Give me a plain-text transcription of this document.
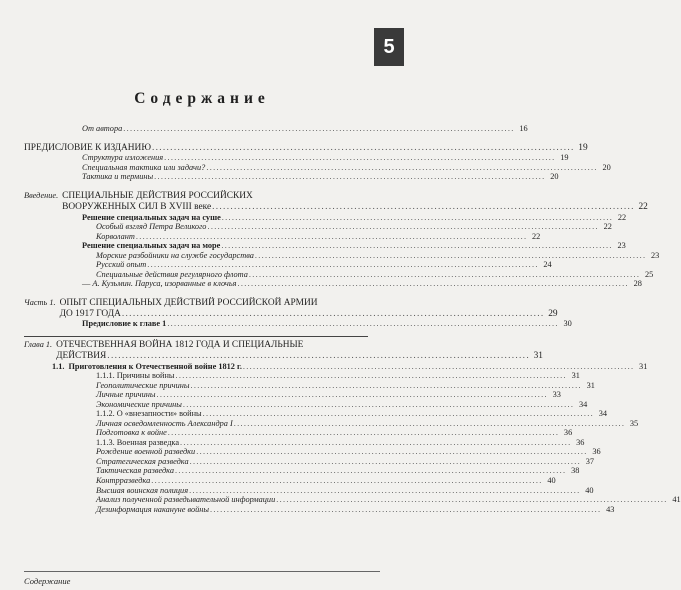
5
Содержание
От автора .................................................................................................................... 16
ПРЕДИСЛОВИЕ К ИЗДАНИЮ .................................................................................................................... 19
Структура изложения .................................................................................................................... 19
Специальная тактика или задачи? .................................................................................................................... 20
Тактика и термины .................................................................................................................... 20
Введение. СПЕЦИАЛЬНЫЕ ДЕЙСТВИЯ РОССИЙСКИХ
ВООРУЖЕННЫХ СИЛ В XVIII веке .................................................................................................................... 22
Решение специальных задач на суше .................................................................................................................... 22
Особый взгляд Петра Великого .................................................................................................................... 22
Корволант .................................................................................................................... 22
Решение специальных задач на море .................................................................................................................... 23
Морские разбойники на службе государства .................................................................................................................... 23
Русский опыт .................................................................................................................... 24
Специальные действия регулярного флота .................................................................................................................... 25
— А. Кузьмин. Паруса, изорванные в клочья .................................................................................................................... 28
Часть 1. ОПЫТ СПЕЦИАЛЬНЫХ ДЕЙСТВИЙ РОССИЙСКОЙ АРМИИ
ДО 1917 ГОДА .................................................................................................................... 29
Предисловие к главе 1 .................................................................................................................... 30
Глава 1. ОТЕЧЕСТВЕННАЯ ВОЙНА 1812 ГОДА И СПЕЦИАЛЬНЫЕ
ДЕЙСТВИЯ .................................................................................................................... 31
1.1. Приготовления к Отечественной войне 1812 г. .................................................................................................................... 31
1.1.1. Причины войны .................................................................................................................... 31
Геополитические причины .................................................................................................................... 31
Личные причины .................................................................................................................... 33
Экономические причины .................................................................................................................... 34
1.1.2. О «внезапности» войны .................................................................................................................... 34
Личная осведомленность Александра I .................................................................................................................... 35
Подготовка к войне .................................................................................................................... 36
1.1.3. Военная разведка .................................................................................................................... 36
Рождение военной разведки .................................................................................................................... 36
Стратегическая разведка .................................................................................................................... 37
Тактическая разведка .................................................................................................................... 38
Контрразведка .................................................................................................................... 40
Высшая воинская полиция .................................................................................................................... 40
Анализ полученной разведывательной информации .................................................................................................................... 41
Дезинформация накануне войны .................................................................................................................... 43
Содержание
